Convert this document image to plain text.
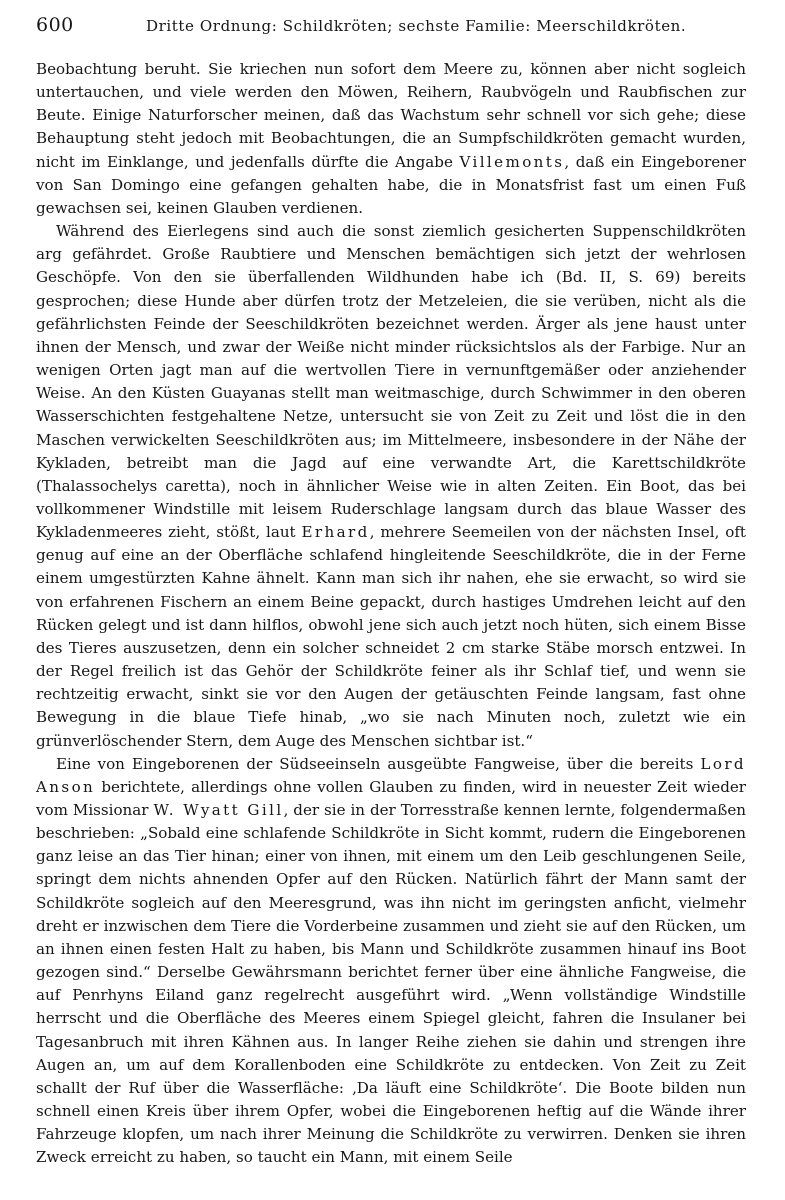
600	Dritte Ordnung: Schildkröten; sechste Familie: Meerschildkröten.

Beobachtung beruht. Sie kriechen nun sofort dem Meere zu, können aber nicht sogleich untertauchen, und viele werden den Möwen, Reihern, Raubvögeln und Raubfischen zur Beute. Einige Naturforscher meinen, daß das Wachstum sehr schnell vor sich gehe; diese Behauptung steht jedoch mit Beobachtungen, die an Sumpfschildkröten gemacht wurden, nicht im Einklange, und jedenfalls dürfte die Angabe Villemonts, daß ein Eingeborener von San Domingo eine gefangen gehalten habe, die in Monatsfrist fast um einen Fuß gewachsen sei, keinen Glauben verdienen.

Während des Eierlegens sind auch die sonst ziemlich gesicherten Suppenschildkröten arg gefährdet. Große Raubtiere und Menschen bemächtigen sich jetzt der wehrlosen Geschöpfe. Von den sie überfallenden Wildhunden habe ich (Bd. II, S. 69) bereits gesprochen; diese Hunde aber dürfen trotz der Metzeleien, die sie verüben, nicht als die gefährlichsten Feinde der Seeschildkröten bezeichnet werden. Ärger als jene haust unter ihnen der Mensch, und zwar der Weiße nicht minder rücksichtslos als der Farbige. Nur an wenigen Orten jagt man auf die wertvollen Tiere in vernunftgemäßer oder anziehender Weise. An den Küsten Guayanas stellt man weitmaschige, durch Schwimmer in den oberen Wasserschichten festgehaltene Netze, untersucht sie von Zeit zu Zeit und löst die in den Maschen verwickelten Seeschildkröten aus; im Mittelmeere, insbesondere in der Nähe der Kykladen, betreibt man die Jagd auf eine verwandte Art, die Karettschildkröte (Thalassochelys caretta), noch in ähnlicher Weise wie in alten Zeiten. Ein Boot, das bei vollkommener Windstille mit leisem Ruderschlage langsam durch das blaue Wasser des Kykladenmeeres zieht, stößt, laut Erhard, mehrere Seemeilen von der nächsten Insel, oft genug auf eine an der Oberfläche schlafend hingleitende Seeschildkröte, die in der Ferne einem umgestürzten Kahne ähnelt. Kann man sich ihr nahen, ehe sie erwacht, so wird sie von erfahrenen Fischern an einem Beine gepackt, durch hastiges Umdrehen leicht auf den Rücken gelegt und ist dann hilflos, obwohl jene sich auch jetzt noch hüten, sich einem Bisse des Tieres auszusetzen, denn ein solcher schneidet 2 cm starke Stäbe morsch entzwei. In der Regel freilich ist das Gehör der Schildkröte feiner als ihr Schlaf tief, und wenn sie rechtzeitig erwacht, sinkt sie vor den Augen der getäuschten Feinde langsam, fast ohne Bewegung in die blaue Tiefe hinab, „wo sie nach Minuten noch, zuletzt wie ein grünverlöschender Stern, dem Auge des Menschen sichtbar ist.“

Eine von Eingeborenen der Südseeinseln ausgeübte Fangweise, über die bereits Lord Anson berichtete, allerdings ohne vollen Glauben zu finden, wird in neuester Zeit wieder vom Missionar W. Wyatt Gill, der sie in der Torresstraße kennen lernte, folgendermaßen beschrieben: „Sobald eine schlafende Schildkröte in Sicht kommt, rudern die Eingeborenen ganz leise an das Tier hinan; einer von ihnen, mit einem um den Leib geschlungenen Seile, springt dem nichts ahnenden Opfer auf den Rücken. Natürlich fährt der Mann samt der Schildkröte sogleich auf den Meeresgrund, was ihn nicht im geringsten anficht, vielmehr dreht er inzwischen dem Tiere die Vorderbeine zusammen und zieht sie auf den Rücken, um an ihnen einen festen Halt zu haben, bis Mann und Schildkröte zusammen hinauf ins Boot gezogen sind.“ Derselbe Gewährsmann berichtet ferner über eine ähnliche Fangweise, die auf Penrhyns Eiland ganz regelrecht ausgeführt wird. „Wenn vollständige Windstille herrscht und die Oberfläche des Meeres einem Spiegel gleicht, fahren die Insulaner bei Tagesanbruch mit ihren Kähnen aus. In langer Reihe ziehen sie dahin und strengen ihre Augen an, um auf dem Korallenboden eine Schildkröte zu entdecken. Von Zeit zu Zeit schallt der Ruf über die Wasserfläche: ‚Da läuft eine Schildkröte‘. Die Boote bilden nun schnell einen Kreis über ihrem Opfer, wobei die Eingeborenen heftig auf die Wände ihrer Fahrzeuge klopfen, um nach ihrer Meinung die Schildkröte zu verwirren. Denken sie ihren Zweck erreicht zu haben, so taucht ein Mann, mit einem Seile
